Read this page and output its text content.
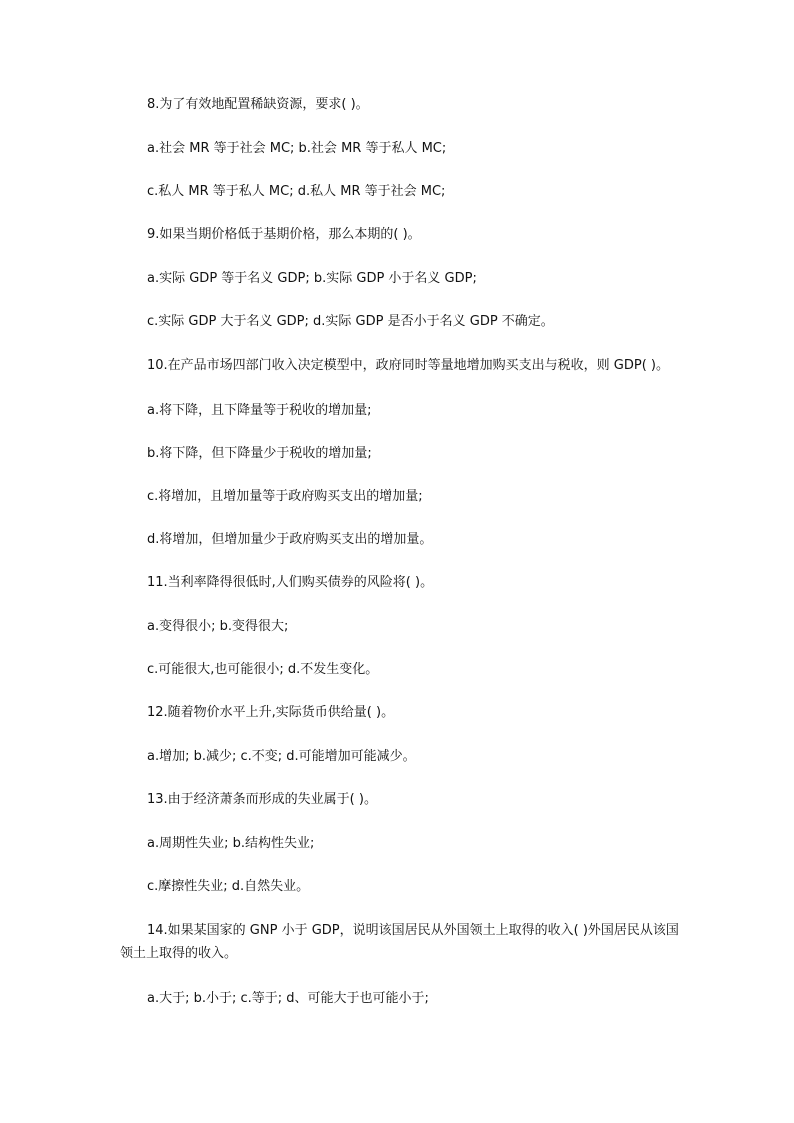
8.为了有效地配置稀缺资源，要求( )。

a.社会 MR 等于社会 MC; b.社会 MR 等于私人 MC;

c.私人 MR 等于私人 MC; d.私人 MR 等于社会 MC;

9.如果当期价格低于基期价格，那么本期的( )。

a.实际 GDP 等于名义 GDP; b.实际 GDP 小于名义 GDP;

c.实际 GDP 大于名义 GDP; d.实际 GDP 是否小于名义 GDP 不确定。

10.在产品市场四部门收入决定模型中，政府同时等量地增加购买支出与税收，则 GDP( )。

a.将下降，且下降量等于税收的增加量;

b.将下降，但下降量少于税收的增加量;

c.将增加，且增加量等于政府购买支出的增加量;

d.将增加，但增加量少于政府购买支出的增加量。

11.当利率降得很低时,人们购买债券的风险将( )。

a.变得很小; b.变得很大;

c.可能很大,也可能很小; d.不发生变化。

12.随着物价水平上升,实际货币供给量( )。

a.增加; b.减少; c.不变; d.可能增加可能减少。

13.由于经济萧条而形成的失业属于( )。

a.周期性失业; b.结构性失业;

c.摩擦性失业; d.自然失业。

14.如果某国家的 GNP 小于 GDP，说明该国居民从外国领土上取得的收入( )外国居民从该国领土上取得的收入。

a.大于; b.小于; c.等于; d、可能大于也可能小于;
